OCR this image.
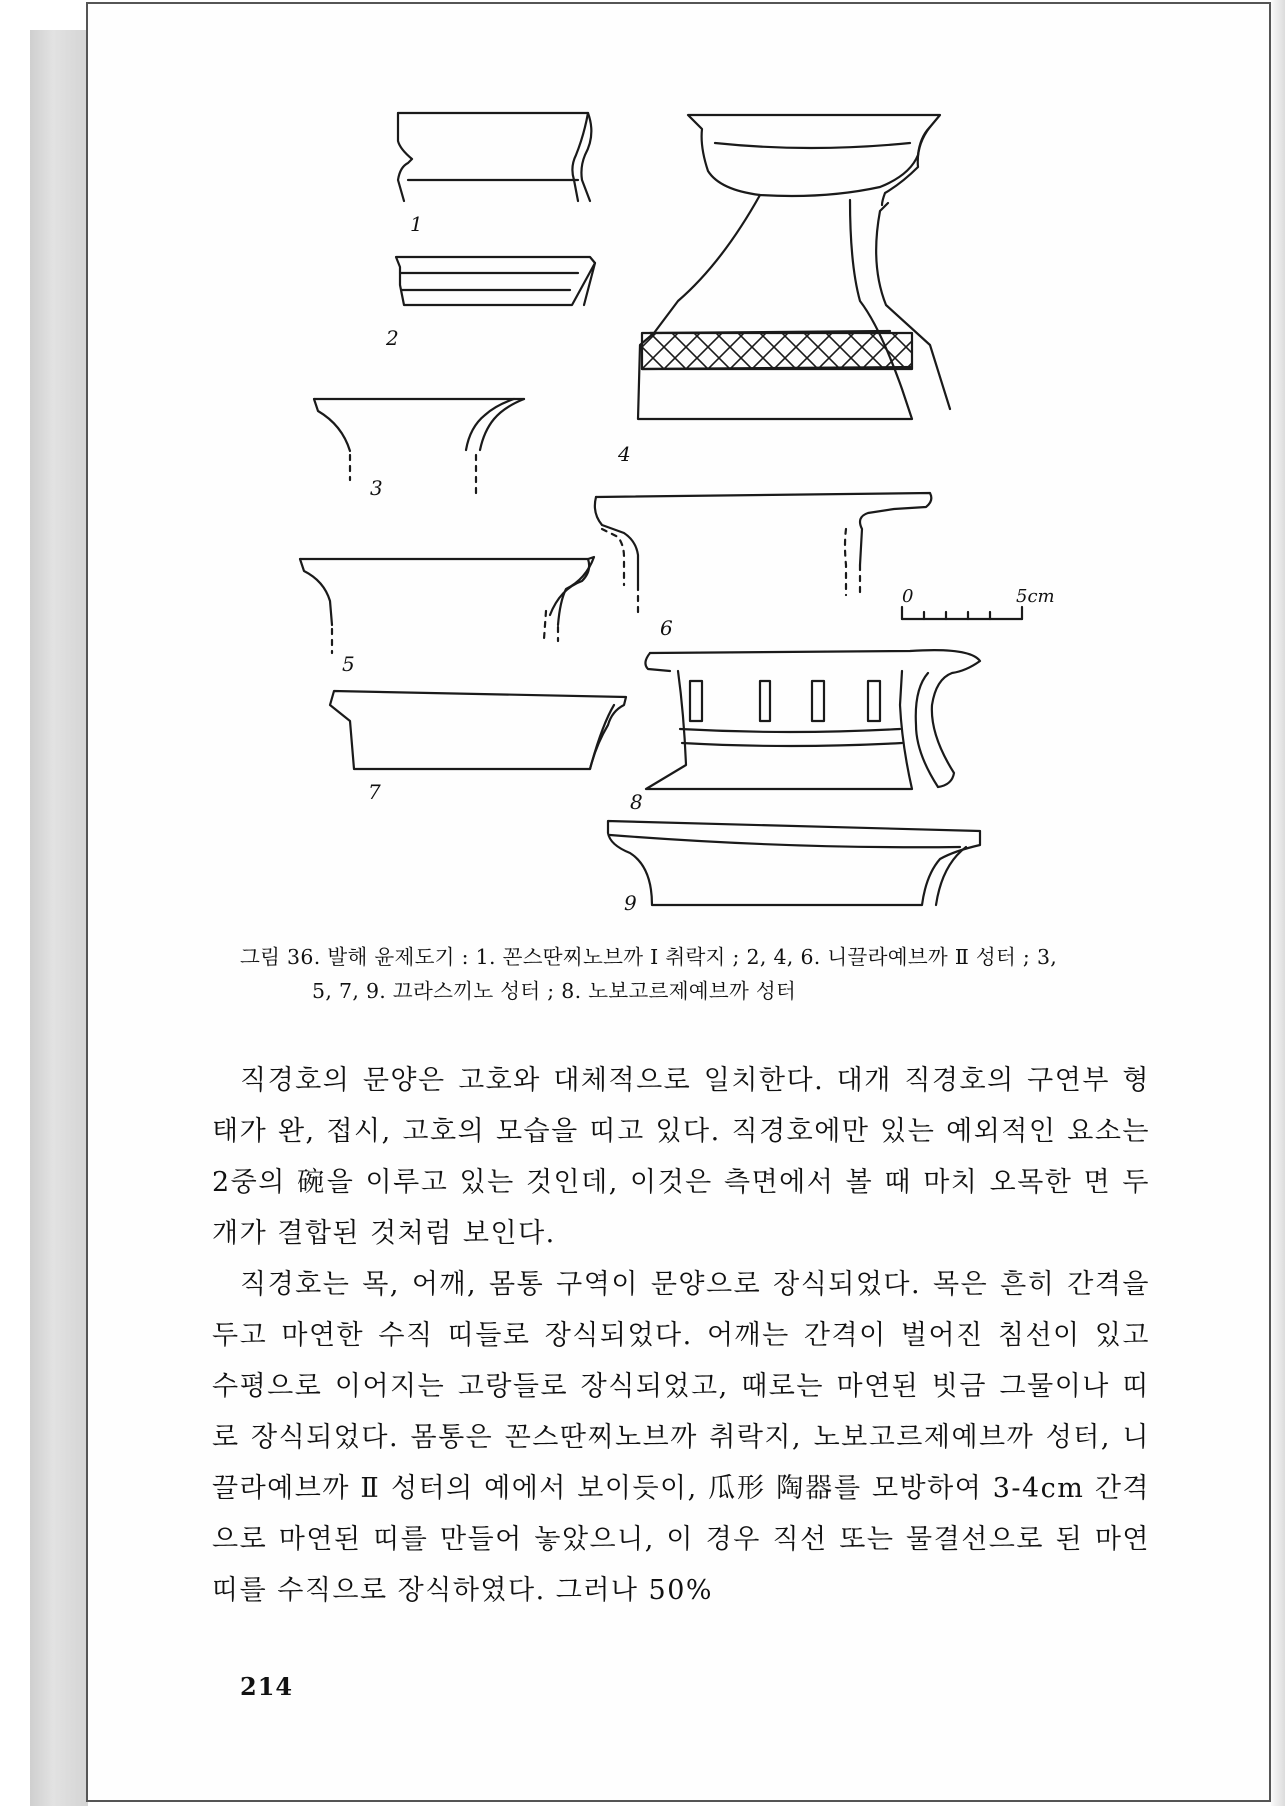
1
2
3
4
6
0	5cm
5
8
7
9
그림 36. 발해 윤제도기 : 1. 꼰스딴찌노브까 Ⅰ 취락지 ; 2, 4, 6. 니끌라예브까 Ⅱ 성터 ; 3,
5, 7, 9. 끄라스끼노 성터 ; 8. 노보고르제예브까 성터

직경호의 문양은 고호와 대체적으로 일치한다. 대개 직경호의 구연부 형태가 완, 접시, 고호의 모습을 띠고 있다. 직경호에만 있는 예외적인 요소는 2중의 碗을 이루고 있는 것인데, 이것은 측면에서 볼 때 마치 오목한 면 두 개가 결합된 것처럼 보인다.

직경호는 목, 어깨, 몸통 구역이 문양으로 장식되었다. 목은 흔히 간격을 두고 마연한 수직 띠들로 장식되었다. 어깨는 간격이 벌어진 침선이 있고 수평으로 이어지는 고랑들로 장식되었고, 때로는 마연된 빗금 그물이나 띠로 장식되었다. 몸통은 꼰스딴찌노브까 취락지, 노보고르제예브까 성터, 니끌라예브까 Ⅱ 성터의 예에서 보이듯이, 瓜形 陶器를 모방하여 3-4cm 간격으로 마연된 띠를 만들어 놓았으니, 이 경우 직선 또는 물결선으로 된 마연띠를 수직으로 장식하였다. 그러나 50%

214
